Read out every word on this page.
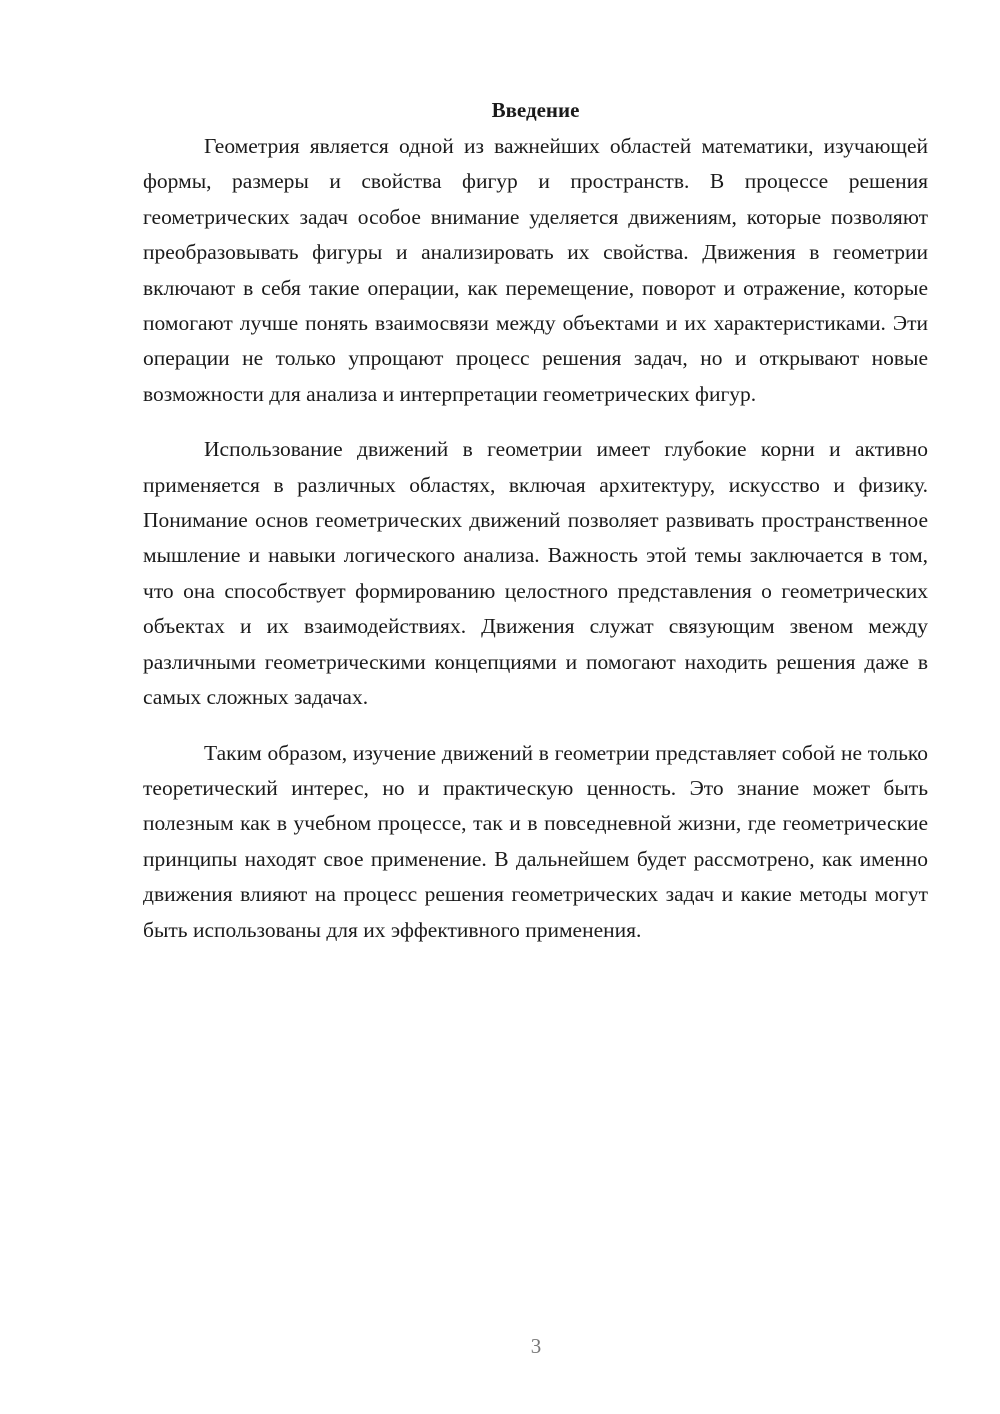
Введение

Геометрия является одной из важнейших областей математики, изучающей формы, размеры и свойства фигур и пространств. В процессе решения геометрических задач особое внимание уделяется движениям, которые позволяют преобразовывать фигуры и анализировать их свойства. Движения в геометрии включают в себя такие операции, как перемещение, поворот и отражение, которые помогают лучше понять взаимосвязи между объектами и их характеристиками. Эти операции не только упрощают процесс решения задач, но и открывают новые возможности для анализа и интерпретации геометрических фигур.

Использование движений в геометрии имеет глубокие корни и активно применяется в различных областях, включая архитектуру, искусство и физику. Понимание основ геометрических движений позволяет развивать пространственное мышление и навыки логического анализа. Важность этой темы заключается в том, что она способствует формированию целостного представления о геометрических объектах и их взаимодействиях. Движения служат связующим звеном между различными геометрическими концепциями и помогают находить решения даже в самых сложных задачах.

Таким образом, изучение движений в геометрии представляет собой не только теоретический интерес, но и практическую ценность. Это знание может быть полезным как в учебном процессе, так и в повседневной жизни, где геометрические принципы находят свое применение. В дальнейшем будет рассмотрено, как именно движения влияют на процесс решения геометрических задач и какие методы могут быть использованы для их эффективного применения.

3
